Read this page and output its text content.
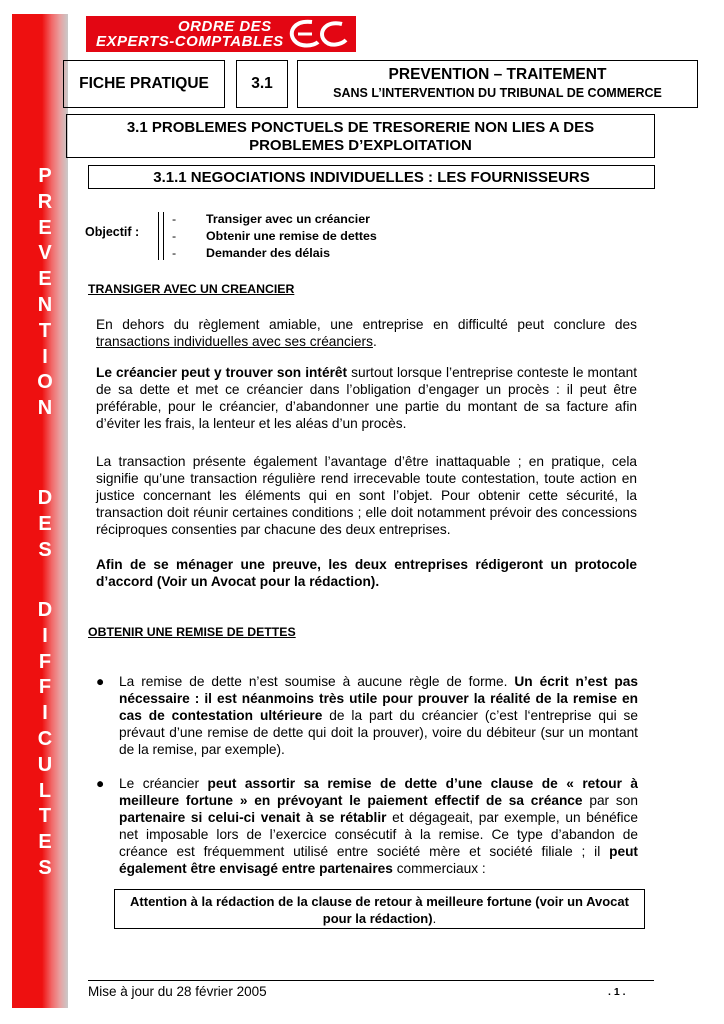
P
R
E
V
E
N
T
I
O
N
D
E
S
D
I
F
F
I
C
U
L
T
E
S
ORDRE DES
EXPERTS-COMPTABLES
FICHE PRATIQUE	3.1
PREVENTION – TRAITEMENT
SANS L’INTERVENTION DU TRIBUNAL DE COMMERCE
3.1 PROBLEMES PONCTUELS DE TRESORERIE NON LIES A DES
PROBLEMES D’EXPLOITATION
3.1.1 NEGOCIATIONS INDIVIDUELLES : LES FOURNISSEURS
Objectif :
-	Transiger avec un créancier
-	Obtenir une remise de dettes
-	Demander des délais
TRANSIGER AVEC UN CREANCIER
En dehors du règlement amiable, une entreprise en difficulté peut conclure des transactions individuelles avec ses créanciers.
Le créancier peut y trouver son intérêt surtout lorsque l’entreprise conteste le montant de sa dette et met ce créancier dans l’obligation d’engager un procès : il peut être préférable, pour le créancier, d’abandonner une partie du montant de sa facture afin d’éviter les frais, la lenteur et les aléas d’un procès.
La transaction présente également l’avantage d’être inattaquable ; en pratique, cela signifie qu’une transaction régulière rend irrecevable toute contestation, toute action en justice concernant les éléments qui en sont l’objet. Pour obtenir cette sécurité, la transaction doit réunir certaines conditions ; elle doit notamment prévoir des concessions réciproques consenties par chacune des deux entreprises.
Afin de se ménager une preuve, les deux entreprises rédigeront un protocole d’accord (Voir un Avocat pour la rédaction).
OBTENIR UNE REMISE DE DETTES
●	La remise de dette n’est soumise à aucune règle de forme. Un écrit n’est pas nécessaire : il est néanmoins très utile pour prouver la réalité de la remise en cas de contestation ultérieure de la part du créancier (c’est l‘entreprise qui se prévaut d’une remise de dette qui doit la prouver), voire du débiteur (sur un montant de la remise, par exemple).
●	Le créancier peut assortir sa remise de dette d’une clause de « retour à meilleure fortune » en prévoyant le paiement effectif de sa créance par son partenaire si celui-ci venait à se rétablir et dégageait, par exemple, un bénéfice net imposable lors de l’exercice consécutif à la remise. Ce type d’abandon de créance est fréquemment utilisé entre société mère et société filiale ; il peut également être envisagé entre partenaires commerciaux :
Attention à la rédaction de la clause de retour à meilleure fortune (voir un Avocat pour la rédaction).
Mise à jour du 28 février 2005	. 1 .
